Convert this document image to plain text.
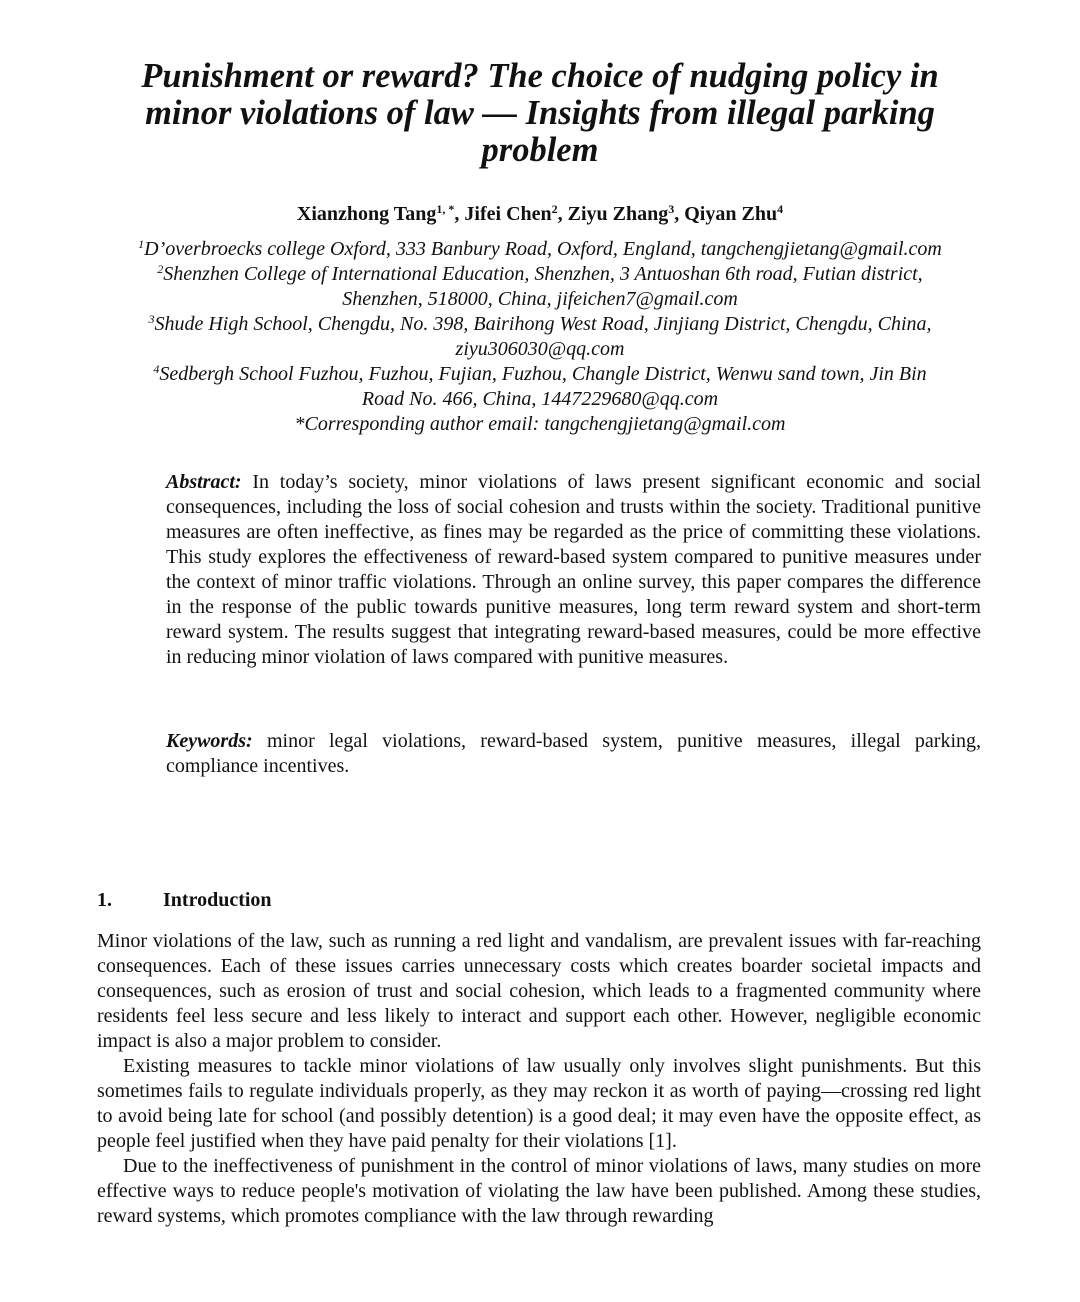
Punishment or reward? The choice of nudging policy in
minor violations of law — Insights from illegal parking
problem
Xianzhong Tang$^{1, *}$, Jifei Chen$^2$, Ziyu Zhang$^3$, Qiyan Zhu$^4$
$^1$D’overbroecks college Oxford, 333 Banbury Road, Oxford, England, tangchengjietang@gmail.com
$^2$Shenzhen College of International Education, Shenzhen, 3 Antuoshan 6th road, Futian district,
Shenzhen, 518000, China, jifeichen7@gmail.com
$^3$Shude High School, Chengdu, No. 398, Bairihong West Road, Jinjiang District, Chengdu, China,
ziyu306030@qq.com
$^4$Sedbergh School Fuzhou, Fuzhou, Fujian, Fuzhou, Changle District, Wenwu sand town, Jin Bin
Road No. 466, China, 1447229680@qq.com
*Corresponding author email: tangchengjietang@gmail.com

Abstract: In today’s society, minor violations of laws present significant economic and social consequences, including the loss of social cohesion and trusts within the society. Traditional punitive measures are often ineffective, as fines may be regarded as the price of committing these violations. This study explores the effectiveness of reward-based system compared to punitive measures under the context of minor traffic violations. Through an online survey, this paper compares the difference in the response of the public towards punitive measures, long term reward system and short-term reward system. The results suggest that integrating reward-based measures, could be more effective in reducing minor violation of laws compared with punitive measures.

Keywords: minor legal violations, reward-based system, punitive measures, illegal parking, compliance incentives.

1.	Introduction

Minor violations of the law, such as running a red light and vandalism, are prevalent issues with far-reaching consequences. Each of these issues carries unnecessary costs which creates boarder societal impacts and consequences, such as erosion of trust and social cohesion, which leads to a fragmented community where residents feel less secure and less likely to interact and support each other. However, negligible economic impact is also a major problem to consider.

Existing measures to tackle minor violations of law usually only involves slight punishments. But this sometimes fails to regulate individuals properly, as they may reckon it as worth of paying—crossing red light to avoid being late for school (and possibly detention) is a good deal; it may even have the opposite effect, as people feel justified when they have paid penalty for their violations [1].

Due to the ineffectiveness of punishment in the control of minor violations of laws, many studies on more effective ways to reduce people's motivation of violating the law have been published. Among these studies, reward systems, which promotes compliance with the law through rewarding
